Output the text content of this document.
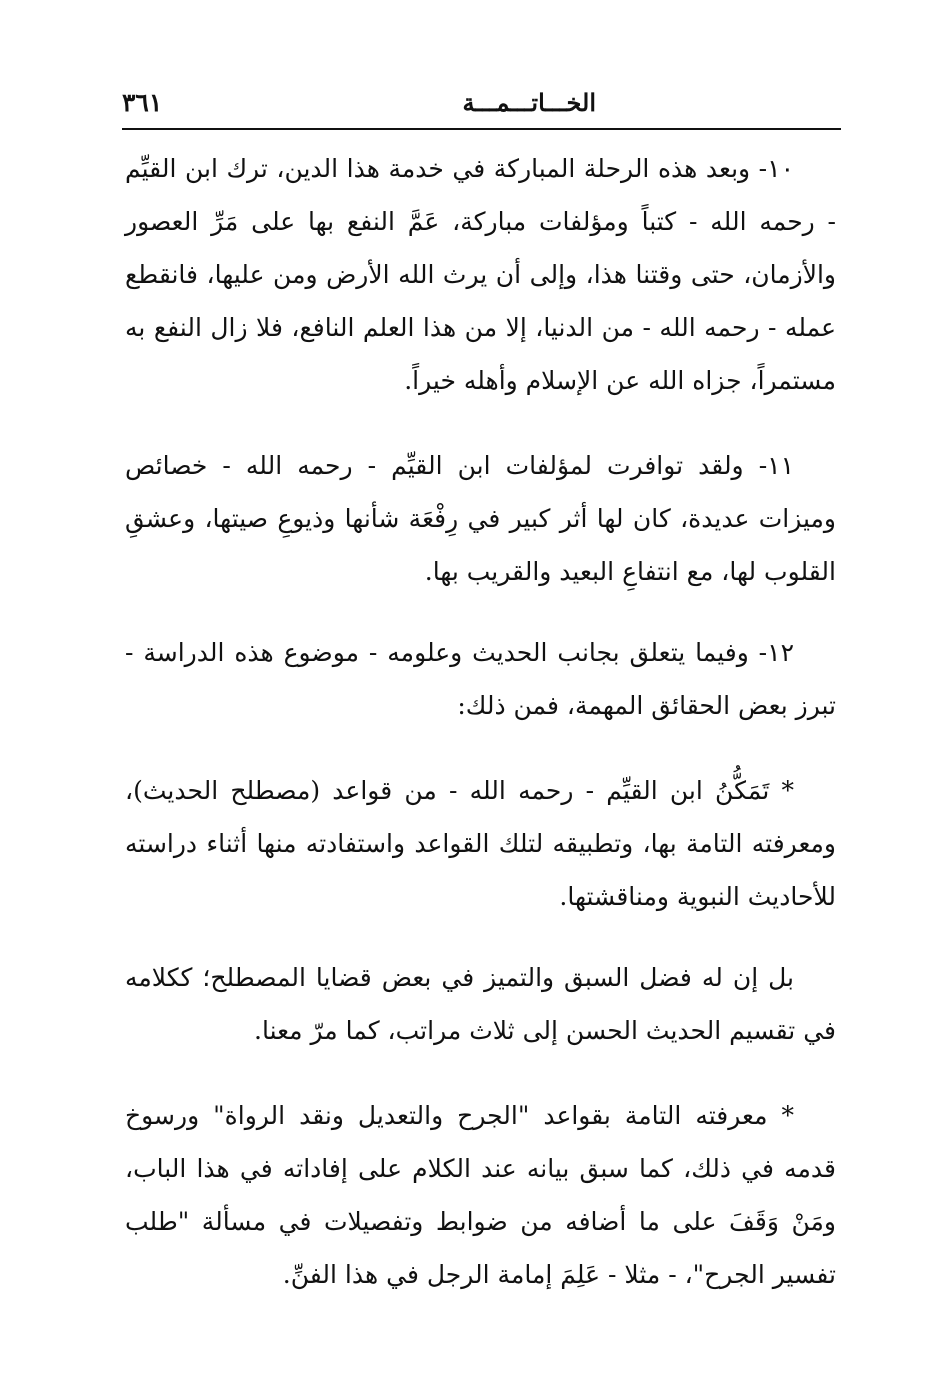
الخـــاتـــمـــة
٣٦١

١٠- وبعد هذه الرحلة المباركة في خدمة هذا الدين، ترك ابن القيِّم - رحمه الله - كتباً ومؤلفات مباركة، عَمَّ النفع بها على مَرِّ العصور والأزمان، حتى وقتنا هذا، وإلى أن يرث الله الأرض ومن عليها، فانقطع عمله - رحمه الله - من الدنيا، إلا من هذا العلم النافع، فلا زال النفع به مستمراً، جزاه الله عن الإسلام وأهله خيراً.

١١- ولقد توافرت لمؤلفات ابن القيِّم - رحمه الله - خصائص وميزات عديدة، كان لها أثر كبير في رِفْعَة شأنها وذيوعِ صيتها، وعشقِ القلوب لها، مع انتفاعِ البعيد والقريب بها.

١٢- وفيما يتعلق بجانب الحديث وعلومه - موضوع هذه الدراسة - تبرز بعض الحقائق المهمة، فمن ذلك:

* تَمَكُّنُ ابن القيِّم - رحمه الله - من قواعد (مصطلح الحديث)، ومعرفته التامة بها، وتطبيقه لتلك القواعد واستفادته منها أثناء دراسته للأحاديث النبوية ومناقشتها.

بل إن له فضل السبق والتميز في بعض قضايا المصطلح؛ ككلامه في تقسيم الحديث الحسن إلى ثلاث مراتب، كما مرّ معنا.

* معرفته التامة بقواعد "الجرح والتعديل ونقد الرواة" ورسوخ قدمه في ذلك، كما سبق بيانه عند الكلام على إفاداته في هذا الباب، ومَنْ وَقَفَ على ما أضافه من ضوابط وتفصيلات في مسألة "طلب تفسير الجرح"، - مثلا - عَلِمَ إمامة الرجل في هذا الفنِّ.
